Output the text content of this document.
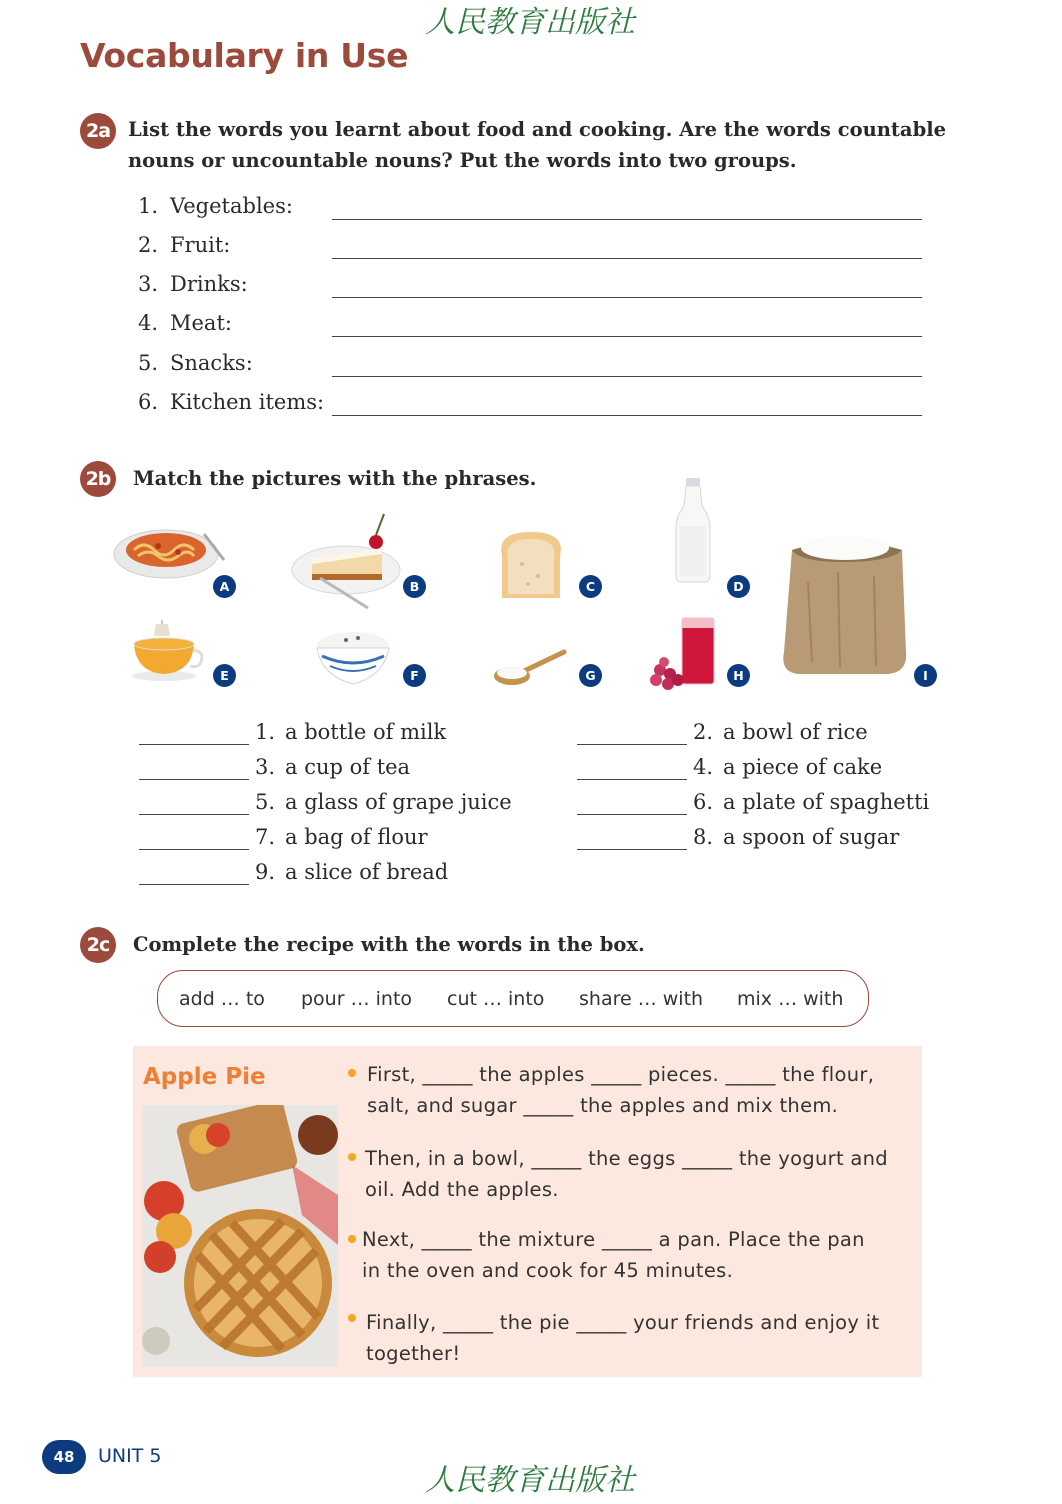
人民教育出版社
Vocabulary in Use
2a List the words you learnt about food and cooking. Are the words countable
nouns or uncountable nouns? Put the words into two groups.
1. Vegetables:
2. Fruit:
3. Drinks:
4. Meat:
5. Snacks:
6. Kitchen items:
2b Match the pictures with the phrases.
A	B	C	D
I
E	F	G	H
1. a bottle of milk	2. a bowl of rice
3. a cup of tea	4. a piece of cake
5. a glass of grape juice	6. a plate of spaghetti
7. a bag of flour	8. a spoon of sugar
9. a slice of bread
2c	Complete the recipe with the words in the box.
add … to pour … into cut … into share … with mix … with
Apple Pie	First, _____ the apples _____ pieces. _____ the flour,
salt, and sugar _____ the apples and mix them.
Then, in a bowl, _____ the eggs _____ the yogurt and
oil. Add the apples.
Next, _____ the mixture _____ a pan. Place the pan
in the oven and cook for 45 minutes.
Finally, _____ the pie _____ your friends and enjoy it
together!
48	UNIT 5
人民教育出版社
